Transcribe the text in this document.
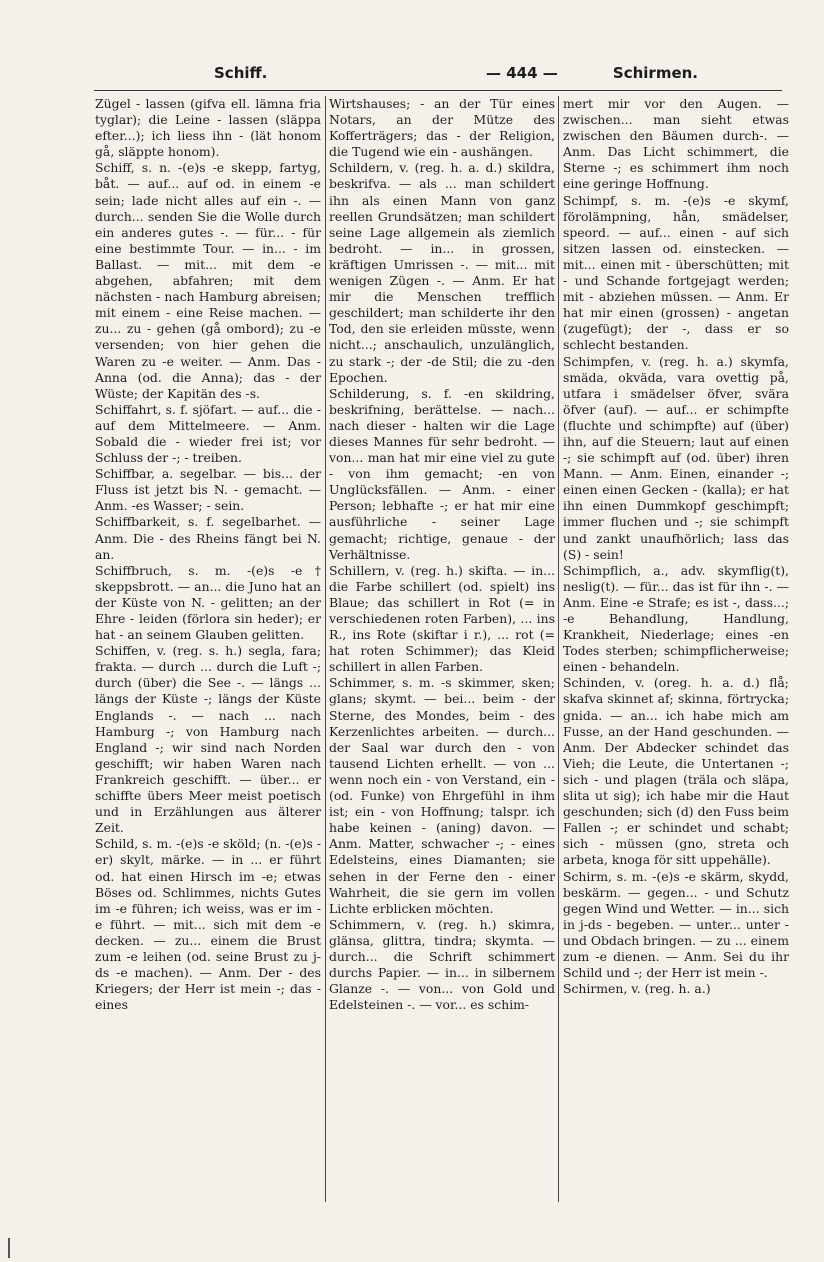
Schiff.	— 444 —	Schirmen.

Zügel - lassen (gifva ell. lämna fria tyglar); die Leine - lassen (släppa efter...); ich liess ihn - (lät honom gå, släppte honom).

Schiff, s. n. -(e)s -e skepp, fartyg, båt. — auf... auf od. in einem -e sein; lade nicht alles auf ein -. — durch... senden Sie die Wolle durch ein anderes gutes -. — für... - für eine bestimmte Tour. — in... - im Ballast. — mit... mit dem -e abgehen, abfahren; mit dem nächsten - nach Hamburg abreisen; mit einem - eine Reise machen. — zu... zu - gehen (gå ombord); zu -e versenden; von hier gehen die Waren zu -e weiter. — Anm. Das - Anna (od. die Anna); das - der Wüste; der Kapitän des -s.

Schiffahrt, s. f. sjöfart. — auf... die - auf dem Mittelmeere. — Anm. Sobald die - wieder frei ist; vor Schluss der -; - treiben.

Schiffbar, a. segelbar. — bis... der Fluss ist jetzt bis N. - gemacht. — Anm. -es Wasser; - sein.

Schiffbarkeit, s. f. segelbarhet. — Anm. Die - des Rheins fängt bei N. an.

Schiffbruch, s. m. -(e)s -e† skeppsbrott. — an... die Juno hat an der Küste von N. - gelitten; an der Ehre - leiden (förlora sin heder); er hat - an seinem Glauben gelitten.

Schiffen, v. (reg. s. h.) segla, fara; frakta. — durch ... durch die Luft -; durch (über) die See -. — längs ... längs der Küste -; längs der Küste Englands -. — nach ... nach Hamburg -; von Hamburg nach England -; wir sind nach Norden geschifft; wir haben Waren nach Frankreich geschifft. — über... er schiffte übers Meer meist poetisch und in Erzählungen aus älterer Zeit.

Schild, s. m. -(e)s -e sköld; (n. -(e)s -er) skylt, märke. — in ... er führt od. hat einen Hirsch im -e; etwas Böses od. Schlimmes, nichts Gutes im -e führen; ich weiss, was er im -e führt. — mit... sich mit dem -e decken. — zu... einem die Brust zum -e leihen (od. seine Brust zu j-ds -e machen). — Anm. Der - des Kriegers; der Herr ist mein -; das - eines

Wirtshauses; - an der Tür eines Notars, an der Mütze des Kofferträgers; das - der Religion, die Tugend wie ein - aushängen.

Schildern, v. (reg. h. a. d.) skildra, beskrifva. — als ... man schildert ihn als einen Mann von ganz reellen Grundsätzen; man schildert seine Lage allgemein als ziemlich bedroht. — in... in grossen, kräftigen Umrissen -. — mit... mit wenigen Zügen -. — Anm. Er hat mir die Menschen trefflich geschildert; man schilderte ihr den Tod, den sie erleiden müsste, wenn nicht...; anschaulich, unzulänglich, zu stark -; der -de Stil; die zu -den Epochen.

Schilderung, s. f. -en skildring, beskrifning, berättelse. — nach... nach dieser - halten wir die Lage dieses Mannes für sehr bedroht. — von... man hat mir eine viel zu gute - von ihm gemacht; -en von Unglücksfällen. — Anm. - einer Person; lebhafte -; er hat mir eine ausführliche - seiner Lage gemacht; richtige, genaue - der Verhältnisse.

Schillern, v. (reg. h.) skifta. — in... die Farbe schillert (od. spielt) ins Blaue; das schillert in Rot (= in verschiedenen roten Farben), ... ins R., ins Rote (skiftar i r.), ... rot (= hat roten Schimmer); das Kleid schillert in allen Farben.

Schimmer, s. m. -s skimmer, sken; glans; skymt. — bei... beim - der Sterne, des Mondes, beim - des Kerzenlichtes arbeiten. — durch... der Saal war durch den - von tausend Lichten erhellt. — von ... wenn noch ein - von Verstand, ein - (od. Funke) von Ehrgefühl in ihm ist; ein - von Hoffnung; talspr. ich habe keinen - (aning) davon. — Anm. Matter, schwacher -; - eines Edelsteins, eines Diamanten; sie sehen in der Ferne den - einer Wahrheit, die sie gern im vollen Lichte erblicken möchten.

Schimmern, v. (reg. h.) skimra, glänsa, glittra, tindra; skymta. — durch... die Schrift schimmert durchs Papier. — in... in silbernem Glanze -. — von... von Gold und Edelsteinen -. — vor... es schim-

mert mir vor den Augen. — zwischen... man sieht etwas zwischen den Bäumen durch-. — Anm. Das Licht schimmert, die Sterne -; es schimmert ihm noch eine geringe Hoffnung.

Schimpf, s. m. -(e)s -e skymf, förolämpning, hån, smädelser, speord. — auf... einen - auf sich sitzen lassen od. einstecken. — mit... einen mit - überschütten; mit - und Schande fortgejagt werden; mit - abziehen müssen. — Anm. Er hat mir einen (grossen) - angetan (zugefügt); der -, dass er so schlecht bestanden.

Schimpfen, v. (reg. h. a.) skymfa, smäda, okväda, vara ovettig på, utfara i smädelser öfver, svära öfver (auf). — auf... er schimpfte (fluchte und schimpfte) auf (über) ihn, auf die Steuern; laut auf einen -; sie schimpft auf (od. über) ihren Mann. — Anm. Einen, einander -; einen einen Gecken - (kalla); er hat ihn einen Dummkopf geschimpft; immer fluchen und -; sie schimpft und zankt unaufhörlich; lass das (S) - sein!

Schimpflich, a., adv. skymflig(t), neslig(t). — für... das ist für ihn -. — Anm. Eine -e Strafe; es ist -, dass...; -e Behandlung, Handlung, Krankheit, Niederlage; eines -en Todes sterben; schimpflicherweise; einen - behandeln.

Schinden, v. (oreg. h. a. d.) flå; skafva skinnet af; skinna, förtrycka; gnida. — an... ich habe mich am Fusse, an der Hand geschunden. — Anm. Der Abdecker schindet das Vieh; die Leute, die Untertanen -; sich - und plagen (träla och släpa, slita ut sig); ich habe mir die Haut geschunden; sich (d) den Fuss beim Fallen -; er schindet und schabt; sich - müssen (gno, streta och arbeta, knoga för sitt uppehälle).

Schirm, s. m. -(e)s -e skärm, skydd, beskärm. — gegen... - und Schutz gegen Wind und Wetter. — in... sich in j-ds - begeben. — unter... unter - und Obdach bringen. — zu ... einem zum -e dienen. — Anm. Sei du ihr Schild und -; der Herr ist mein -.

Schirmen, v. (reg. h. a.)
